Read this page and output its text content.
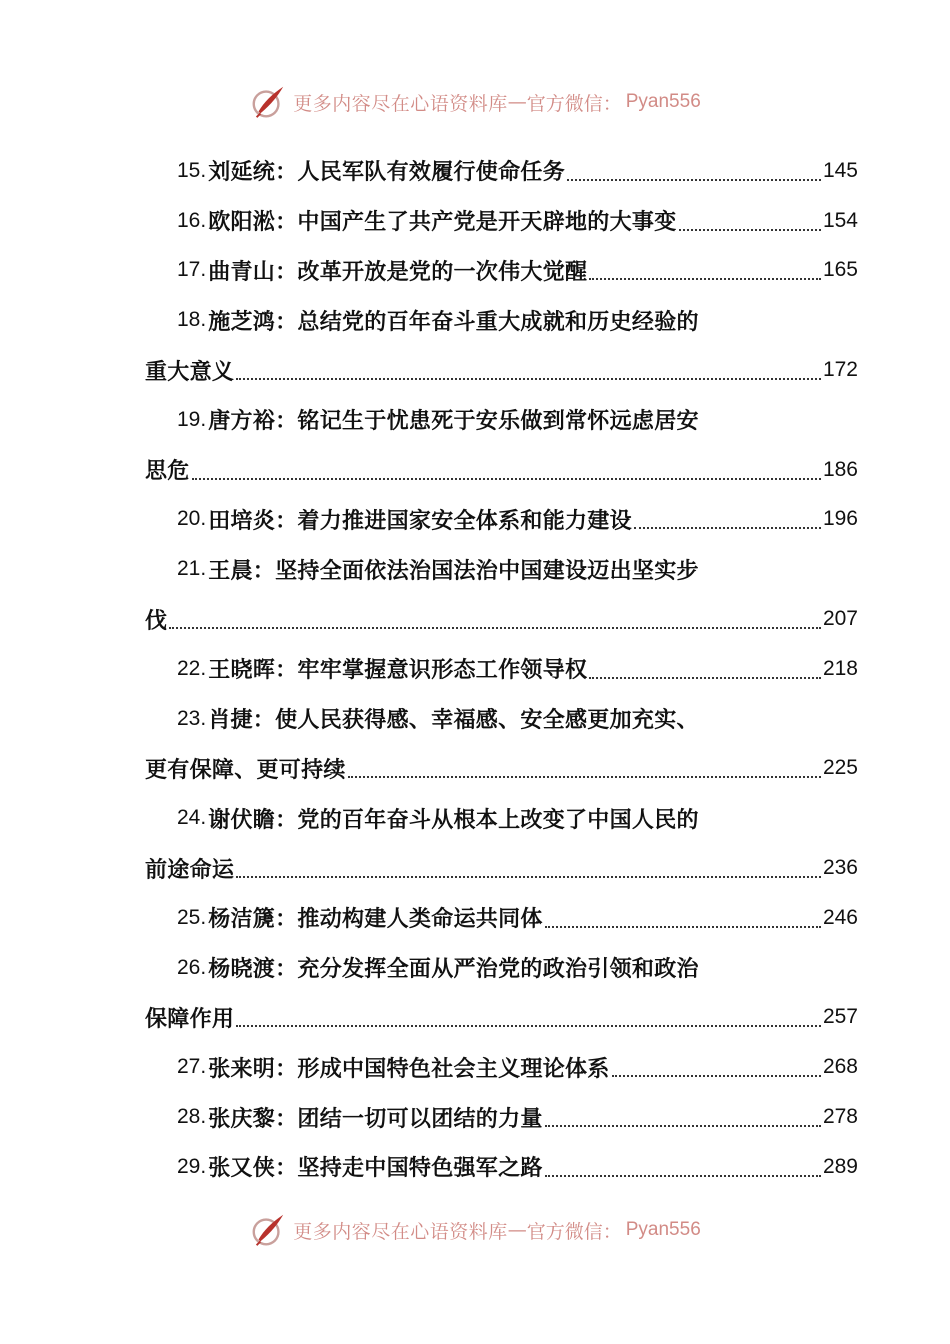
更多内容尽在心语资料库 — 官方微信： Pyan556
15. 刘延统：人民军队有效履行使命任务	145
16. 欧阳淞：中国产生了共产党是开天辟地的大事变	154
17. 曲青山：改革开放是党的一次伟大觉醒	165
18. 施芝鸿：总结党的百年奋斗重大成就和历史经验的
重大意义	172
19. 唐方裕：铭记生于忧患死于安乐做到常怀远虑居安
思危	186
20. 田培炎：着力推进国家安全体系和能力建设	196
21. 王晨：坚持全面依法治国法治中国建设迈出坚实步
伐	207
22. 王晓晖：牢牢掌握意识形态工作领导权	218
23. 肖捷：使人民获得感、幸福感、安全感更加充实、
更有保障、更可持续	225
24. 谢伏瞻：党的百年奋斗从根本上改变了中国人民的
前途命运	236
25. 杨洁篪：推动构建人类命运共同体	246
26. 杨晓渡：充分发挥全面从严治党的政治引领和政治
保障作用	257
27. 张来明：形成中国特色社会主义理论体系	268
28. 张庆黎：团结一切可以团结的力量	278
29. 张又侠：坚持走中国特色强军之路	289
更多内容尽在心语资料库 — 官方微信： Pyan556
